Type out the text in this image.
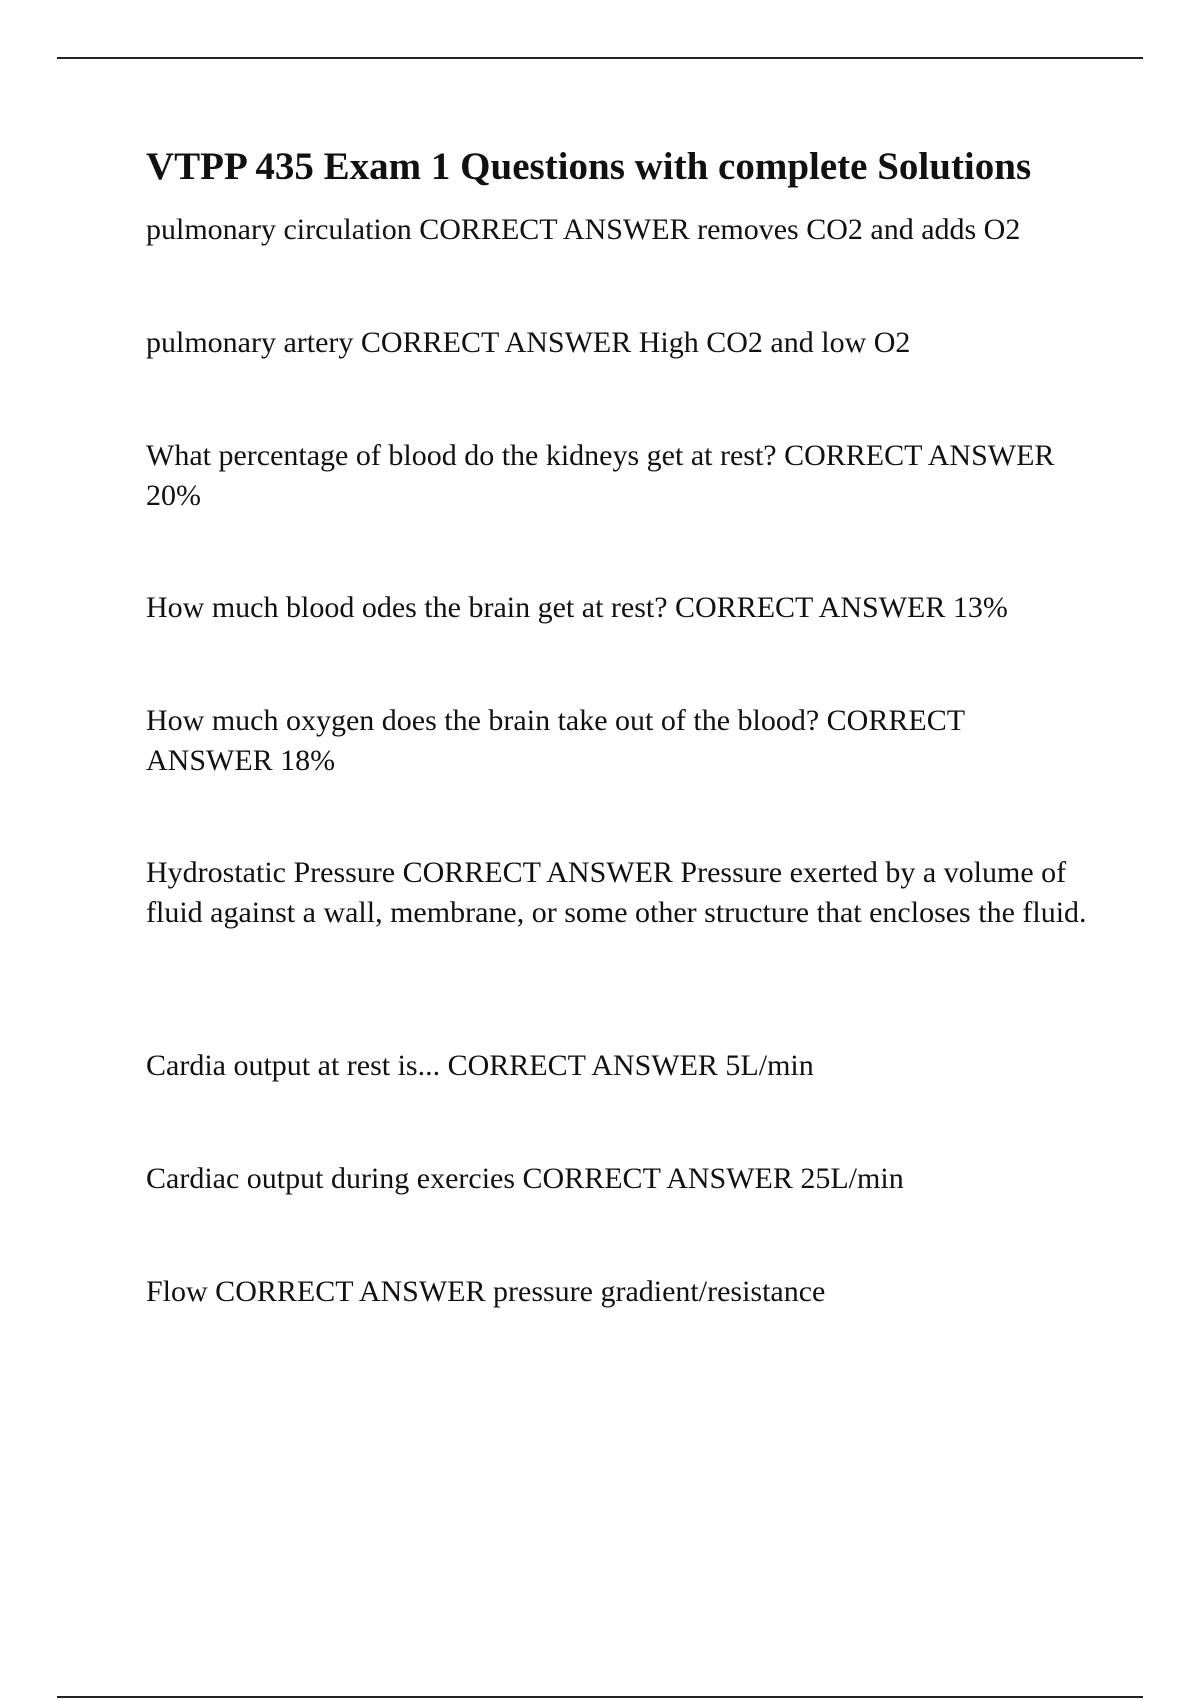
VTPP 435 Exam 1 Questions with complete Solutions

pulmonary circulation CORRECT ANSWER removes CO2 and adds O2

pulmonary artery CORRECT ANSWER High CO2 and low O2

What percentage of blood do the kidneys get at rest? CORRECT ANSWER 20%

How much blood odes the brain get at rest? CORRECT ANSWER 13%

How much oxygen does the brain take out of the blood? CORRECT ANSWER 18%

Hydrostatic Pressure CORRECT ANSWER Pressure exerted by a volume of fluid against a wall, membrane, or some other structure that encloses the fluid.

Cardia output at rest is... CORRECT ANSWER 5L/min

Cardiac output during exercies CORRECT ANSWER 25L/min

Flow CORRECT ANSWER pressure gradient/resistance
